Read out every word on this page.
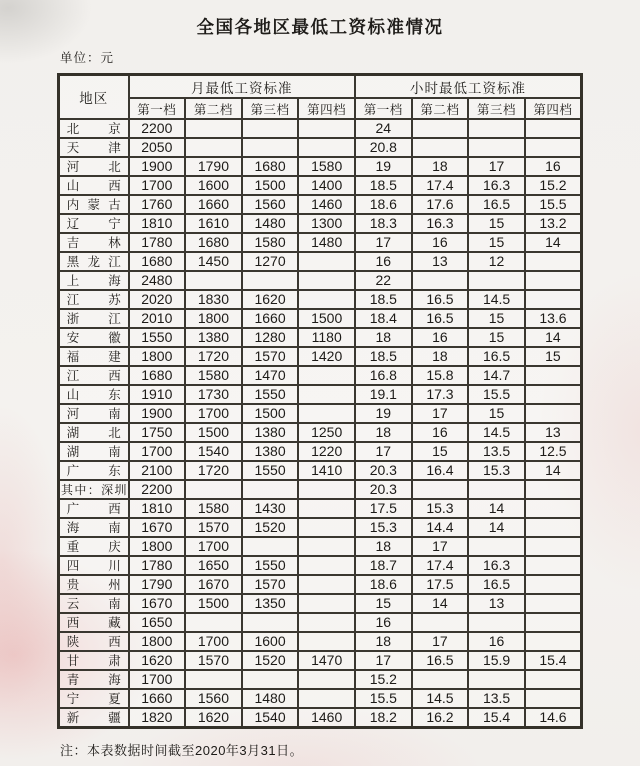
全国各地区最低工资标准情况
单位：元
地区	月最低工资标准				小时最低工资标准			
	第一档	第二档	第三档	第四档	第一档	第二档	第三档	第四档
北京	2200				24			
天津	2050				20.8			
河北	1900	1790	1680	1580	19	18	17	16
山西	1700	1600	1500	1400	18.5	17.4	16.3	15.2
内蒙古	1760	1660	1560	1460	18.6	17.6	16.5	15.5
辽宁	1810	1610	1480	1300	18.3	16.3	15	13.2
吉林	1780	1680	1580	1480	17	16	15	14
黑龙江	1680	1450	1270		16	13	12	
上海	2480				22			
江苏	2020	1830	1620		18.5	16.5	14.5	
浙江	2010	1800	1660	1500	18.4	16.5	15	13.6
安徽	1550	1380	1280	1180	18	16	15	14
福建	1800	1720	1570	1420	18.5	18	16.5	15
江西	1680	1580	1470		16.8	15.8	14.7	
山东	1910	1730	1550		19.1	17.3	15.5	
河南	1900	1700	1500		19	17	15	
湖北	1750	1500	1380	1250	18	16	14.5	13
湖南	1700	1540	1380	1220	17	15	13.5	12.5
广东	2100	1720	1550	1410	20.3	16.4	15.3	14
其中：深圳	2200				20.3			
广西	1810	1580	1430		17.5	15.3	14	
海南	1670	1570	1520		15.3	14.4	14	
重庆	1800	1700			18	17		
四川	1780	1650	1550		18.7	17.4	16.3	
贵州	1790	1670	1570		18.6	17.5	16.5	
云南	1670	1500	1350		15	14	13	
西藏	1650				16			
陕西	1800	1700	1600		18	17	16	
甘肃	1620	1570	1520	1470	17	16.5	15.9	15.4
青海	1700				15.2			
宁夏	1660	1560	1480		15.5	14.5	13.5	
新疆	1820	1620	1540	1460	18.2	16.2	15.4	14.6
注：本表数据时间截至2020年3月31日。
